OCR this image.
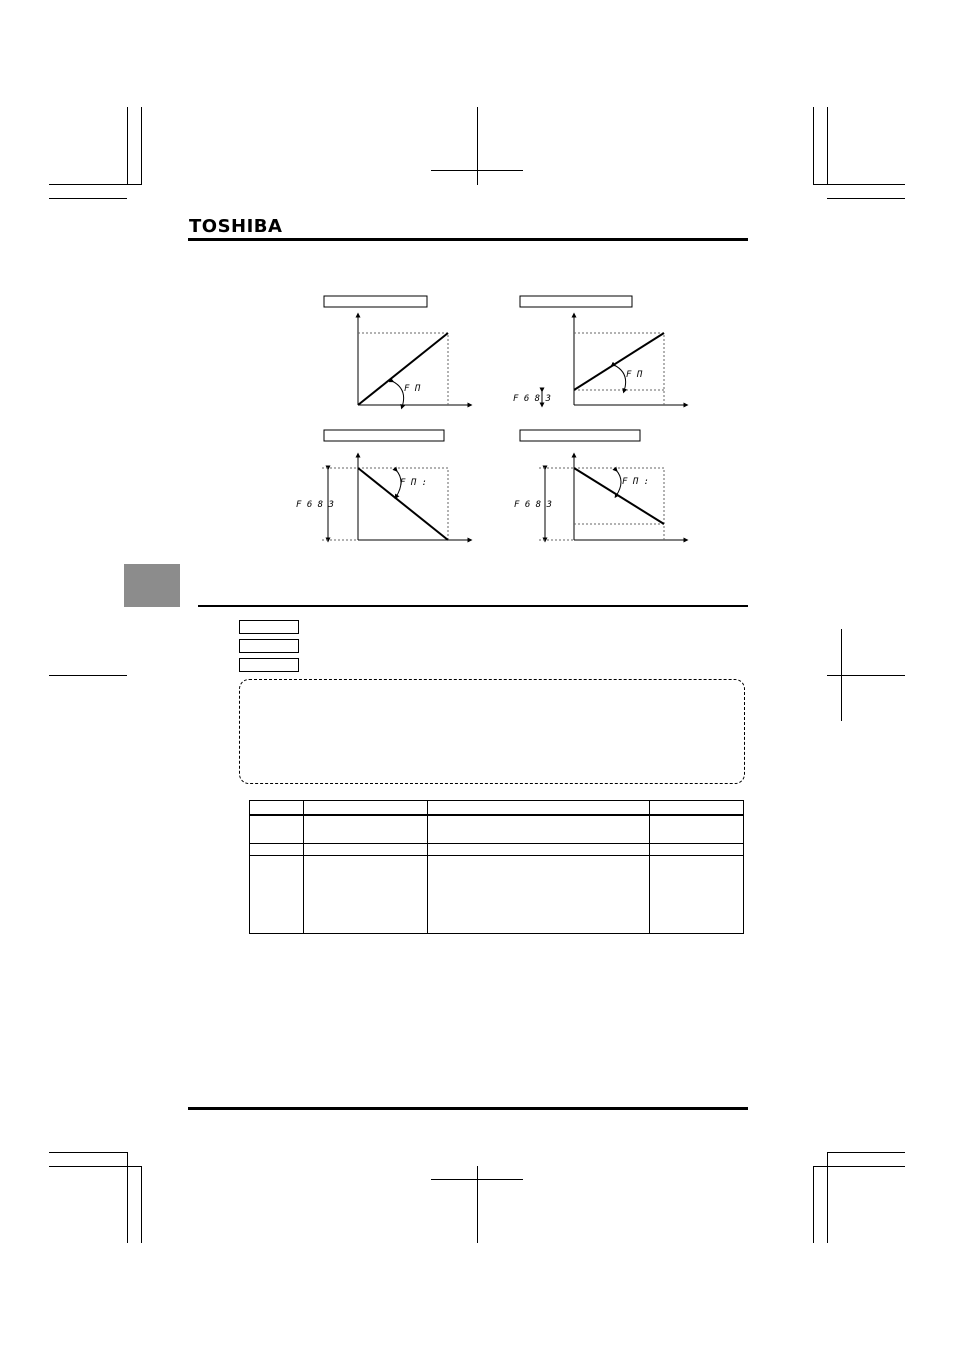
TOSHIBA
F Π
F Π
F 6 8 3
F Π :
F 6 8 3
F Π :
F 6 8 3
